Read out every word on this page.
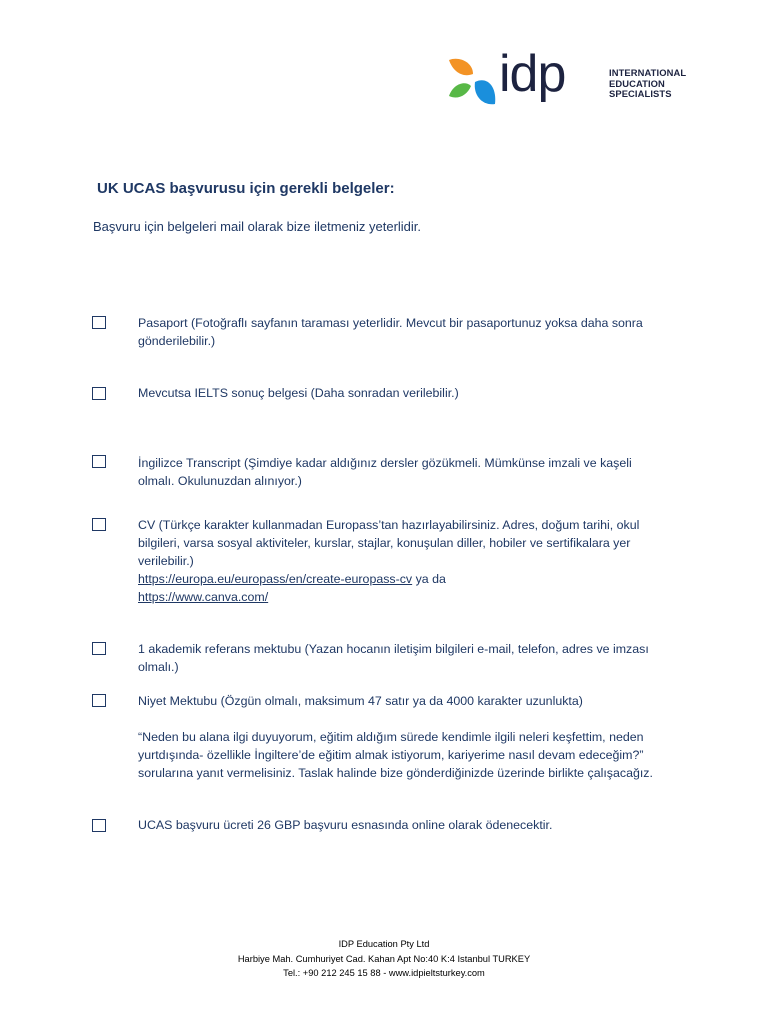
idp	INTERNATIONAL
EDUCATION
SPECIALISTS
UK UCAS başvurusu için gerekli belgeler:
Başvuru için belgeleri mail olarak bize iletmeniz yeterlidir.
Pasaport (Fotoğraflı sayfanın taraması yeterlidir. Mevcut bir pasaportunuz yoksa daha sonra
gönderilebilir.)
Mevcutsa IELTS sonuç belgesi (Daha sonradan verilebilir.)
İngilizce Transcript (Şimdiye kadar aldığınız dersler gözükmeli. Mümkünse imzali ve kaşeli
olmalı. Okulunuzdan alınıyor.)
CV (Türkçe karakter kullanmadan Europass’tan hazırlayabilirsiniz. Adres, doğum tarihi, okul
bilgileri, varsa sosyal aktiviteler, kurslar, stajlar, konuşulan diller, hobiler ve sertifikalara yer
verilebilir.)
https://europa.eu/europass/en/create-europass-cv ya da
https://www.canva.com/
1 akademik referans mektubu (Yazan hocanın iletişim bilgileri e-mail, telefon, adres ve imzası
olmalı.)
Niyet Mektubu (Özgün olmalı, maksimum 47 satır ya da 4000 karakter uzunlukta)
“Neden bu alana ilgi duyuyorum, eğitim aldığım sürede kendimle ilgili neleri keşfettim, neden
yurtdışında- özellikle İngiltere’de eğitim almak istiyorum, kariyerime nasıl devam edeceğim?”
sorularına yanıt vermelisiniz. Taslak halinde bize gönderdiğinizde üzerinde birlikte çalışacağız.
UCAS başvuru ücreti 26 GBP başvuru esnasında online olarak ödenecektir.
IDP Education Pty Ltd
Harbiye Mah. Cumhuriyet Cad. Kahan Apt No:40 K:4 Istanbul TURKEY
Tel.: +90 212 245 15 88 - www.idpieltsturkey.com
